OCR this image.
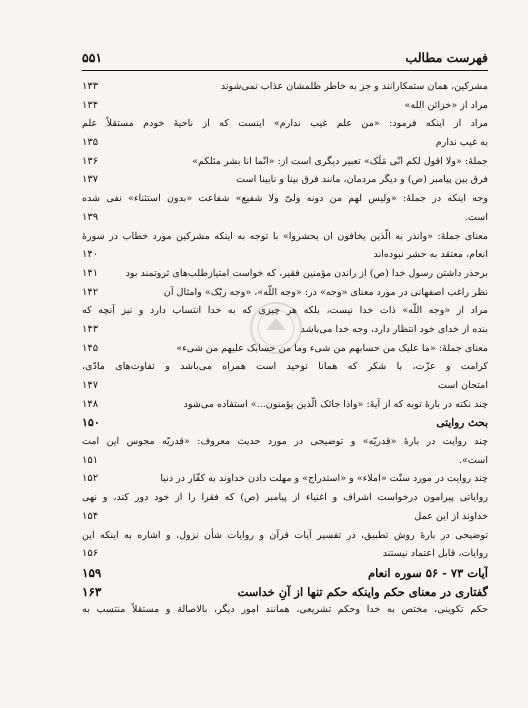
فهرست مطالب
۵۵۱
مشرکین، همان ستمکارانند و جز به خاطر ظلمشان عذاب نمی‌شوند
۱۳۳
مراد از «خزائن الله»
۱۳۴
مراد از اینکه فرمود: «من علم غیب ندارم» اینست که از ناحیهٔ خودم مستقلاً علم
به غیب ندارم
۱۳۵
جملهٔ: «ولا اقول لکم انّی مَلَک» تعبیر دیگری است از: «انّما انا بشر مثلکم»
۱۳۶
فرق بین پیامبر (ص) و دیگر مردمان، مانند فرق بینا و نابینا است
۱۳۷
وجه اینکه در جملهٔ: «ولیس لهم من دونه ولیّ ولا شفیع» شفاعت «بدون استثناء» نفی شده
است.
۱۳۹
معنای جملهٔ: «وانذر به الّذین یخافون ان یحشروا» با توجه به اینکه مشرکین مورد خطاب در سورهٔ
انعام، معتقد به حشر نبوده‌اند
۱۴۰
برحذر داشتن رسول خدا (ص) از راندن مؤمنین فقیر، که خواست امتیازطلب‌های ثروتمند بود
۱۴۱
نظر راغب اصفهانی در مورد معنای «وجه» در: «وجه اللّه»، «وجه ربّک» وامثال آن
۱۴۲
مراد از «وجه اللّه» ذات خدا نیست، بلکه هر چیزی که به خدا انتساب دارد و نیز آنچه که
بنده از خدای خود انتظار دارد، وجه خدا می‌باشد
۱۴۳
معنای جملهٔ: «ما علیک من حسابهم من شیء وما من حسابک علیهم من شیء»
۱۴۵
کرامت و عزّت، با شکر که همانا توحید است همراه می‌باشد و تفاوت‌های مادّی،
امتحان است
۱۴۷
چند نکته در بارهٔ توبه که از آیهٔ: «واذا جائک الّذین یؤمنون...» استفاده می‌شود
۱۴۸
بحث روایتی
۱۵۰
چند روایت در بارهٔ «قدریّه» و توضیحی در مورد حدیث معروف: «قدریّه مجوس این امت
است».
۱۵۱
چند روایت در مورد سنّت «املاء» و «استدراج» و مهلت دادن خداوند به کفّار در دنیا
۱۵۲
روایاتی پیرامون درخواست اشراف و اغنیاء از پیامبر (ص) که فقرا را از خود دور کند، و نهی
خداوند از این عمل
۱۵۴
توضیحی در بارهٔ روش تطبیق، در تفسیر آیات قرآن و روایات شأن نزول، و اشاره به اینکه این
روایات، قابل اعتماد نیستند
۱۵۶
آیات ۷۳ - ۵۶ سوره انعام
۱۵۹
گفتاری در معنای حکم واینکه حکم تنها از آنِ خداست
۱۶۳
حکم تکوینی، مختص به خدا وحکم تشریعی، همانند امور دیگر، بالاصالة و مستقلاً منتسب به
